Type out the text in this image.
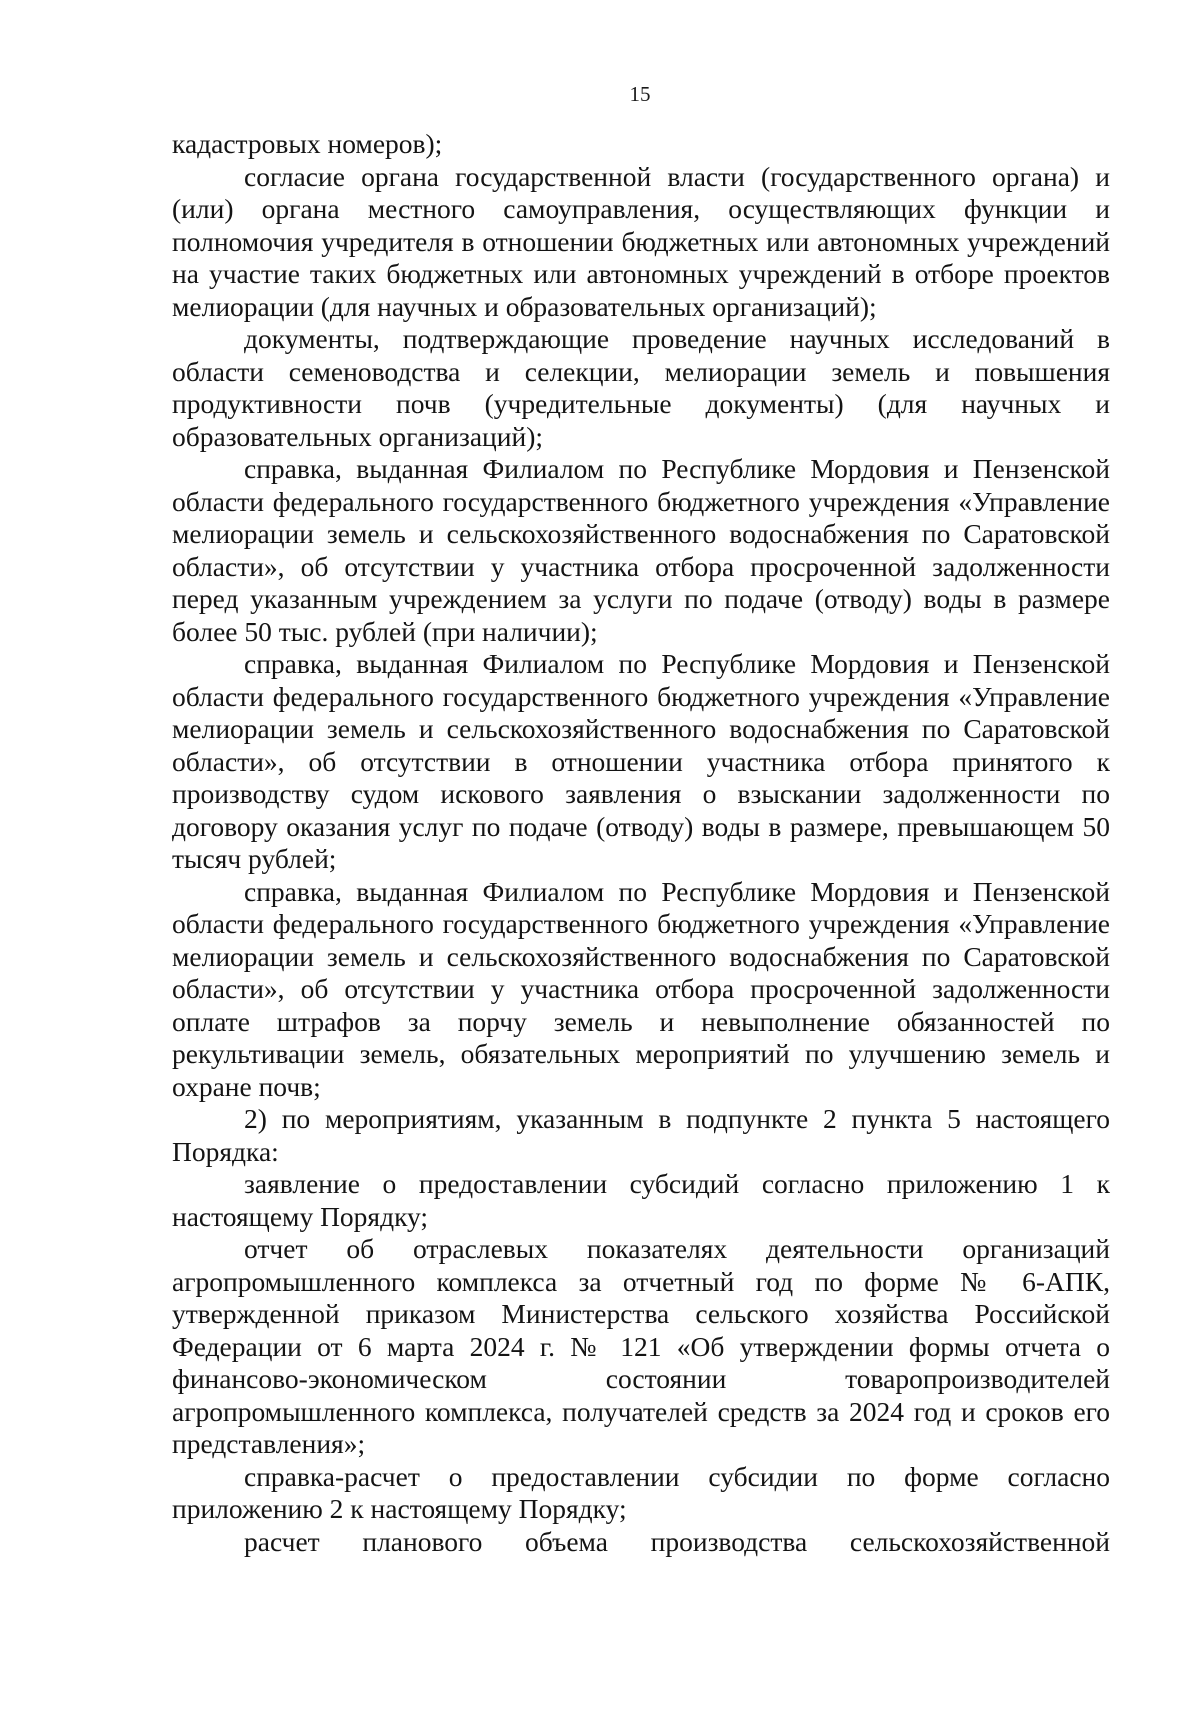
15

кадастровых номеров);

согласие органа государственной власти (государственного органа) и (или) органа местного самоуправления, осуществляющих функции и полномочия учредителя в отношении бюджетных или автономных учреждений на участие таких бюджетных или автономных учреждений в отборе проектов мелиорации (для научных и образовательных организаций);

документы, подтверждающие проведение научных исследований в области семеноводства и селекции, мелиорации земель и повышения продуктивности почв (учредительные документы) (для научных и образовательных организаций);

справка, выданная Филиалом по Республике Мордовия и Пензенской области федерального государственного бюджетного учреждения «Управление мелиорации земель и сельскохозяйственного водоснабжения по Саратовской области», об отсутствии у участника отбора просроченной задолженности перед указанным учреждением за услуги по подаче (отводу) воды в размере более 50 тыс. рублей (при наличии);

справка, выданная Филиалом по Республике Мордовия и Пензенской области федерального государственного бюджетного учреждения «Управление мелиорации земель и сельскохозяйственного водоснабжения по Саратовской области», об отсутствии в отношении участника отбора принятого к производству судом искового заявления о взыскании задолженности по договору оказания услуг по подаче (отводу) воды в размере, превышающем 50 тысяч рублей;

справка, выданная Филиалом по Республике Мордовия и Пензенской области федерального государственного бюджетного учреждения «Управление мелиорации земель и сельскохозяйственного водоснабжения по Саратовской области», об отсутствии у участника отбора просроченной задолженности оплате штрафов за порчу земель и невыполнение обязанностей по рекультивации земель, обязательных мероприятий по улучшению земель и охране почв;

2) по мероприятиям, указанным в подпункте 2 пункта 5 настоящего Порядка:

заявление о предоставлении субсидий согласно приложению 1 к настоящему Порядку;

отчет об отраслевых показателях деятельности организаций агропромышленного комплекса за отчетный год по форме № 6-АПК, утвержденной приказом Министерства сельского хозяйства Российской Федерации от 6 марта 2024 г. № 121 «Об утверждении формы отчета о финансово-экономическом состоянии товаропроизводителей агропромышленного комплекса, получателей средств за 2024 год и сроков его представления»;

справка-расчет о предоставлении субсидии по форме согласно приложению 2 к настоящему Порядку;

расчет планового объема производства сельскохозяйственной
